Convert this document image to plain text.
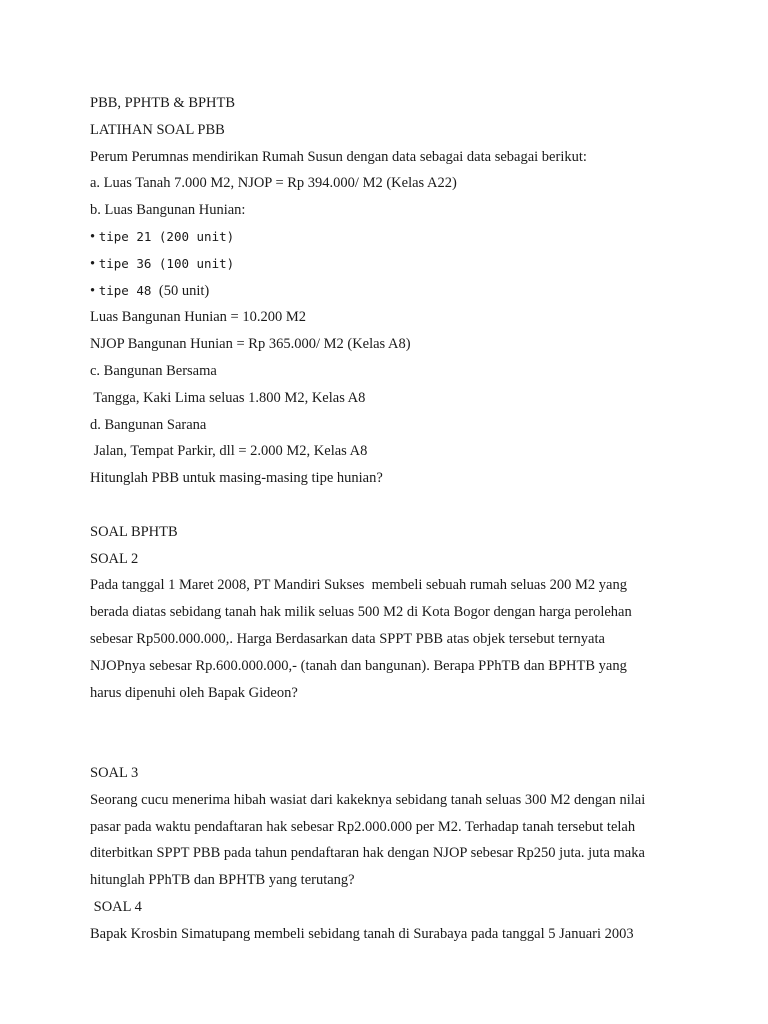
PBB, PPHTB & BPHTB
LATIHAN SOAL PBB
Perum Perumnas mendirikan Rumah Susun dengan data sebagai data sebagai berikut:
a. Luas Tanah 7.000 M2, NJOP = Rp 394.000/ M2 (Kelas A22)
b. Luas Bangunan Hunian:
• tipe 21 (200 unit)
• tipe 36 (100 unit)
• tipe 48 (50 unit)
Luas Bangunan Hunian = 10.200 M2
NJOP Bangunan Hunian = Rp 365.000/ M2 (Kelas A8)
c. Bangunan Bersama
Tangga, Kaki Lima seluas 1.800 M2, Kelas A8
d. Bangunan Sarana
Jalan, Tempat Parkir, dll = 2.000 M2, Kelas A8
Hitunglah PBB untuk masing-masing tipe hunian?
SOAL BPHTB
SOAL 2
Pada tanggal 1 Maret 2008, PT Mandiri Sukses  membeli sebuah rumah seluas 200 M2 yang
berada diatas sebidang tanah hak milik seluas 500 M2 di Kota Bogor dengan harga perolehan
sebesar Rp500.000.000,. Harga Berdasarkan data SPPT PBB atas objek tersebut ternyata
NJOPnya sebesar Rp.600.000.000,- (tanah dan bangunan). Berapa PPhTB dan BPHTB yang
harus dipenuhi oleh Bapak Gideon?
SOAL 3
Seorang cucu menerima hibah wasiat dari kakeknya sebidang tanah seluas 300 M2 dengan nilai
pasar pada waktu pendaftaran hak sebesar Rp2.000.000 per M2. Terhadap tanah tersebut telah
diterbitkan SPPT PBB pada tahun pendaftaran hak dengan NJOP sebesar Rp250 juta. juta maka
hitunglah PPhTB dan BPHTB yang terutang?
SOAL 4
Bapak Krosbin Simatupang membeli sebidang tanah di Surabaya pada tanggal 5 Januari 2003
